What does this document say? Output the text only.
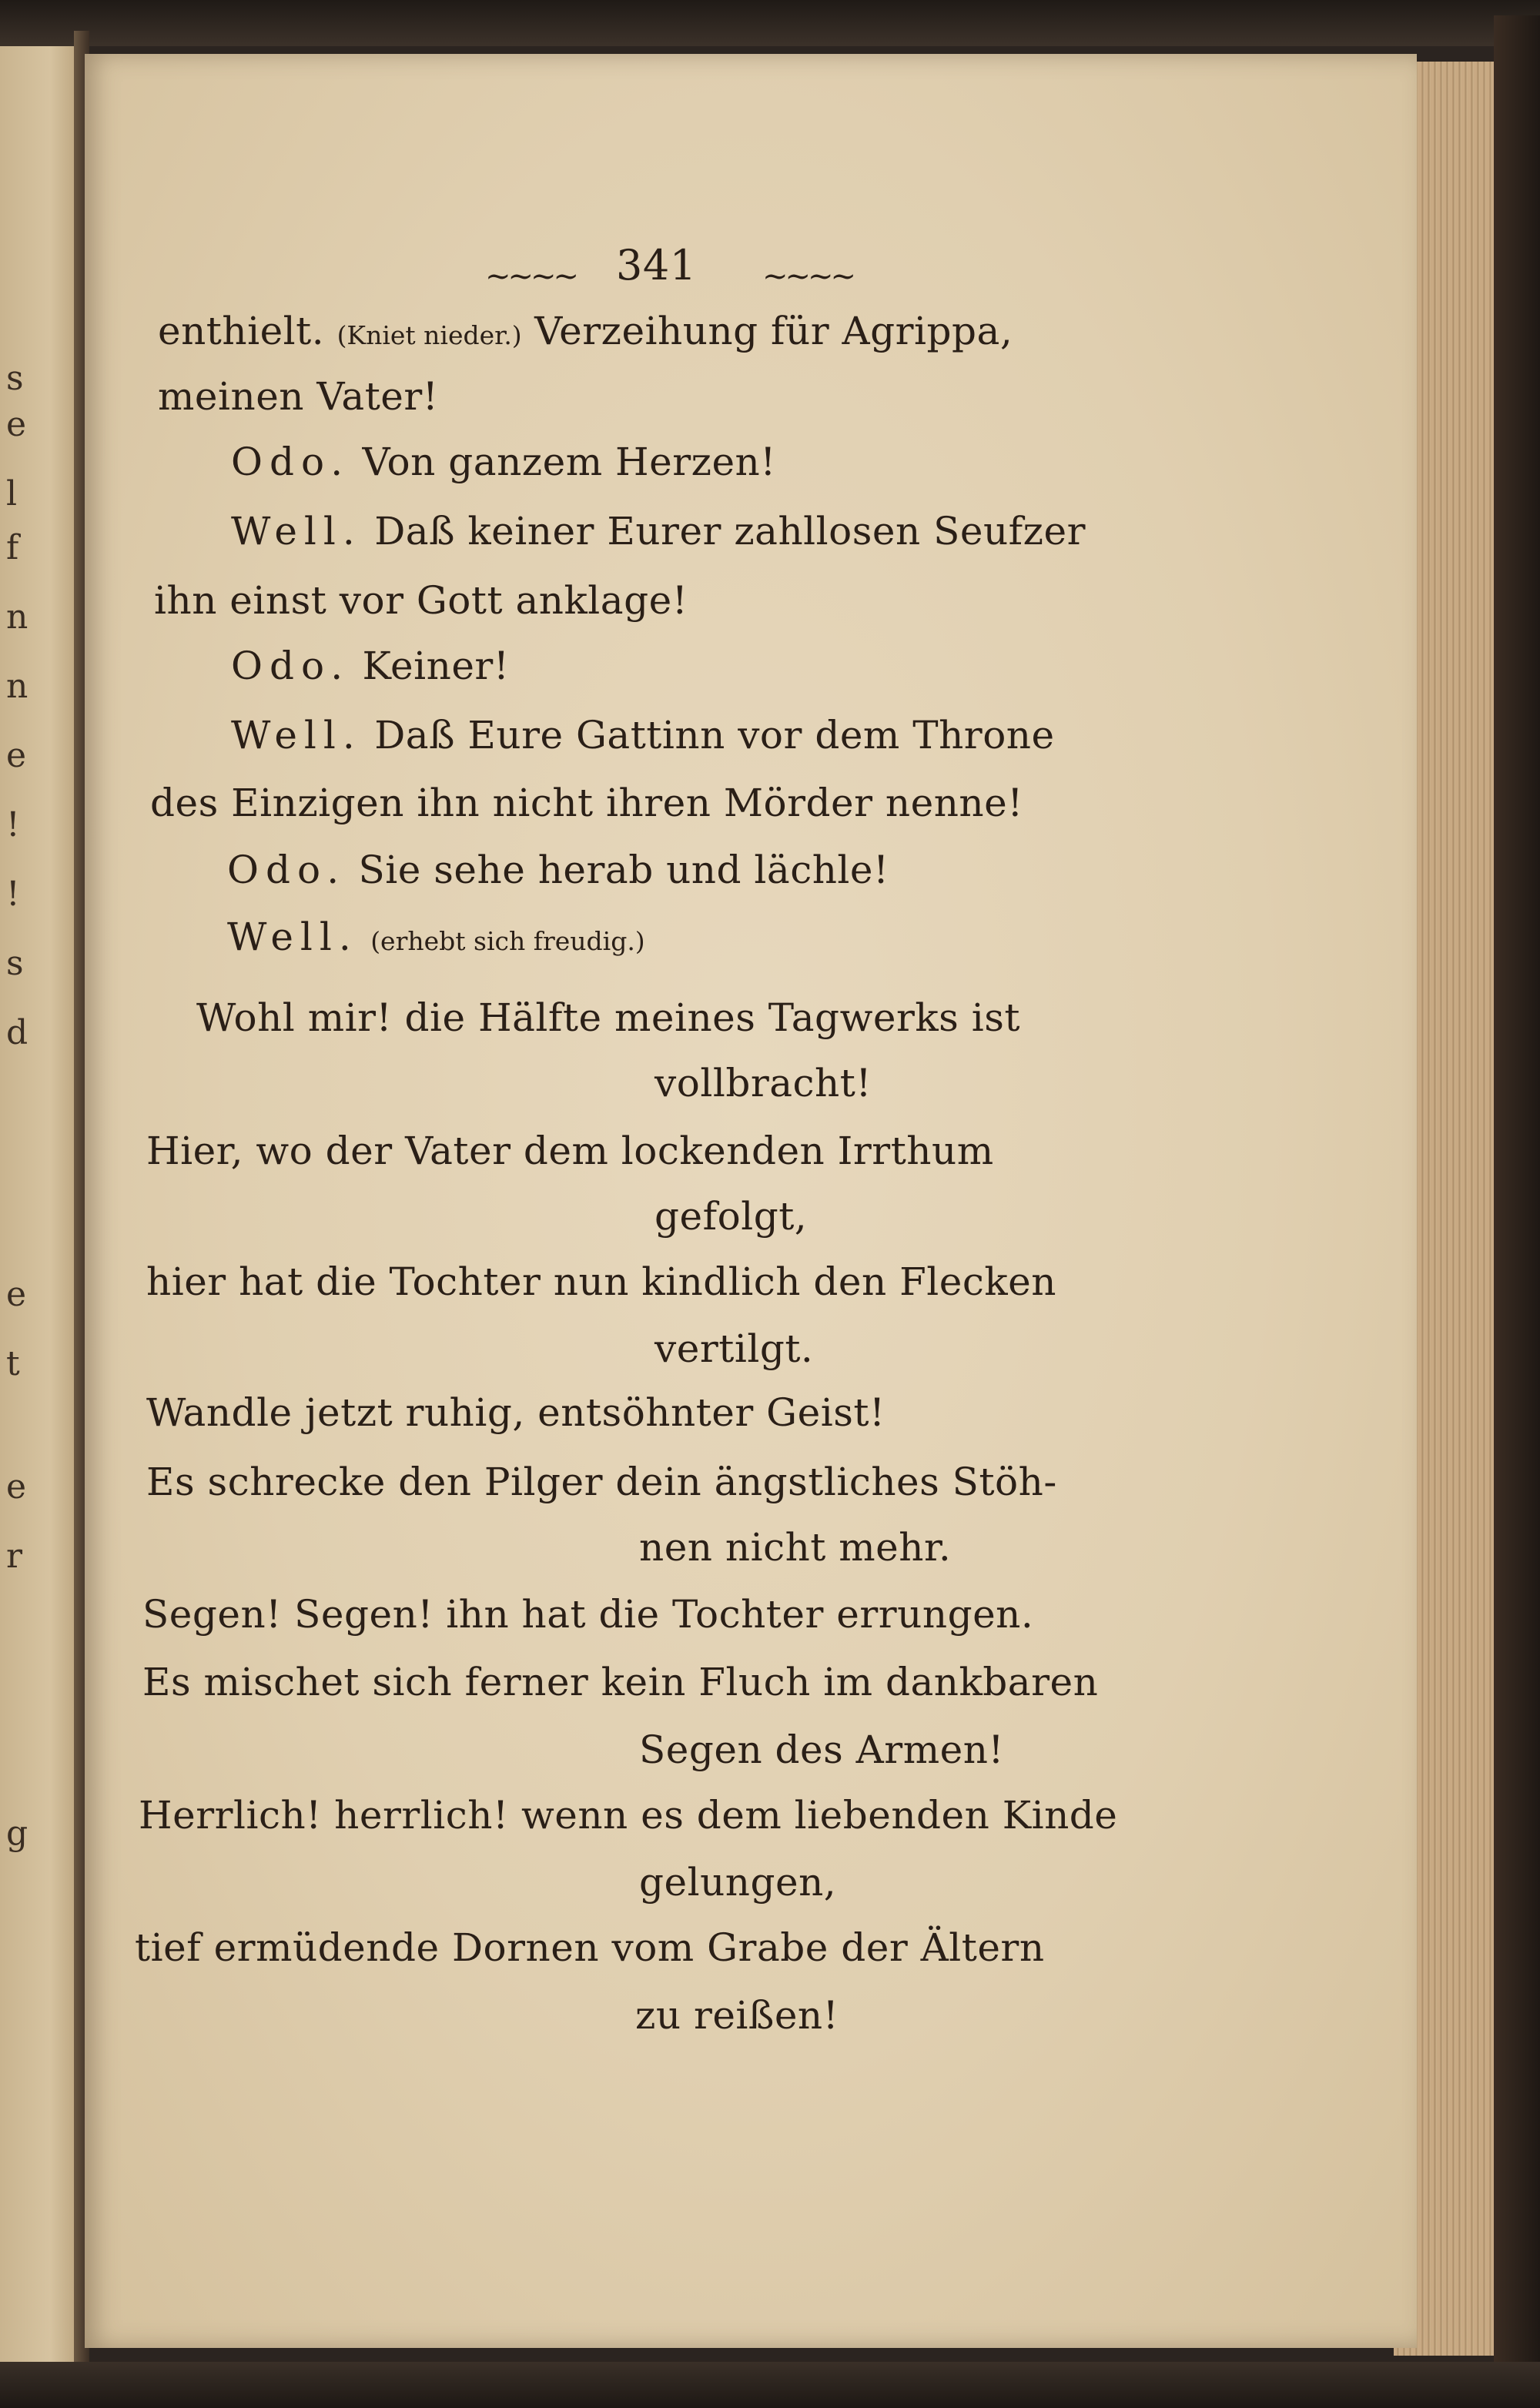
s
e
l
f
n
n
e
!
!
s
d
e
t
e
r
g
~~~~ 341 ~~~~
enthielt. (Kniet nieder.) Verzeihung für Agrippa,
meinen Vater!
Odo. Von ganzem Herzen!
Well. Daß keiner Eurer zahllosen Seufzer
ihn einst vor Gott anklage!
Odo. Keiner!
Well. Daß Eure Gattinn vor dem Throne
des Einzigen ihn nicht ihren Mörder nenne!
Odo. Sie sehe herab und lächle!
Well. (erhebt sich freudig.)
Wohl mir! die Hälfte meines Tagwerks ist
vollbracht!
Hier, wo der Vater dem lockenden Irrthum
gefolgt,
hier hat die Tochter nun kindlich den Flecken
vertilgt.
Wandle jetzt ruhig, entsöhnter Geist!
Es schrecke den Pilger dein ängstliches Stöh-
nen nicht mehr.
Segen! Segen! ihn hat die Tochter errungen.
Es mischet sich ferner kein Fluch im dankbaren
Segen des Armen!
Herrlich! herrlich! wenn es dem liebenden Kinde
gelungen,
tief ermüdende Dornen vom Grabe der Ältern
zu reißen!
